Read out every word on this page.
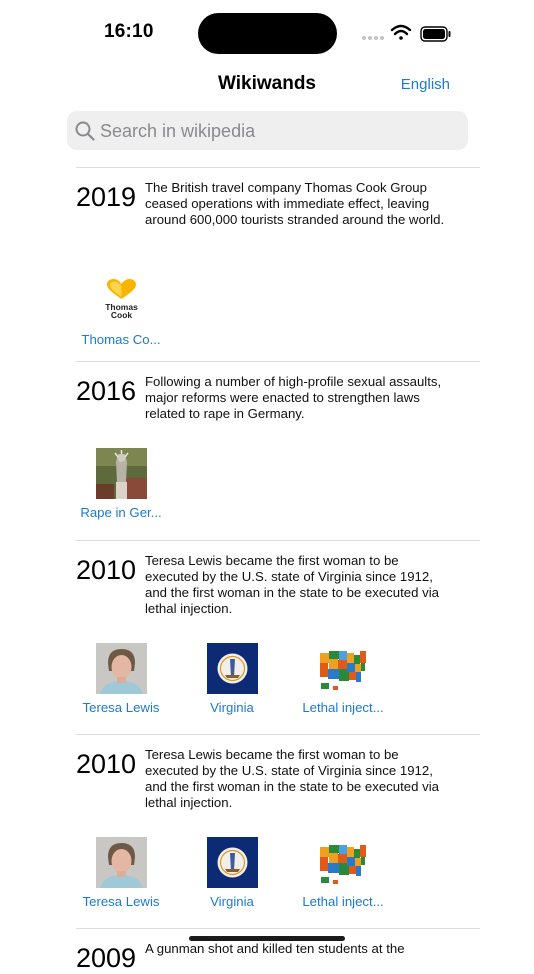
16:10
Wikiwands	English
Search in wikipedia
2019 The British travel company Thomas Cook Group ceased operations with immediate effect, leaving around 600,000 tourists stranded around the world.
Thomas
Cook
Thomas Co...
2016 Following a number of high-profile sexual assaults, major reforms were enacted to strengthen laws related to rape in Germany.
Rape in Ger...
2010 Teresa Lewis became the first woman to be executed by the U.S. state of Virginia since 1912, and the first woman in the state to be executed via lethal injection.
Teresa Lewis	Virginia	Lethal inject...
2010 Teresa Lewis became the first woman to be executed by the U.S. state of Virginia since 1912, and the first woman in the state to be executed via lethal injection.
Teresa Lewis	Virginia	Lethal inject...
2009 A gunman shot and killed ten students at the
